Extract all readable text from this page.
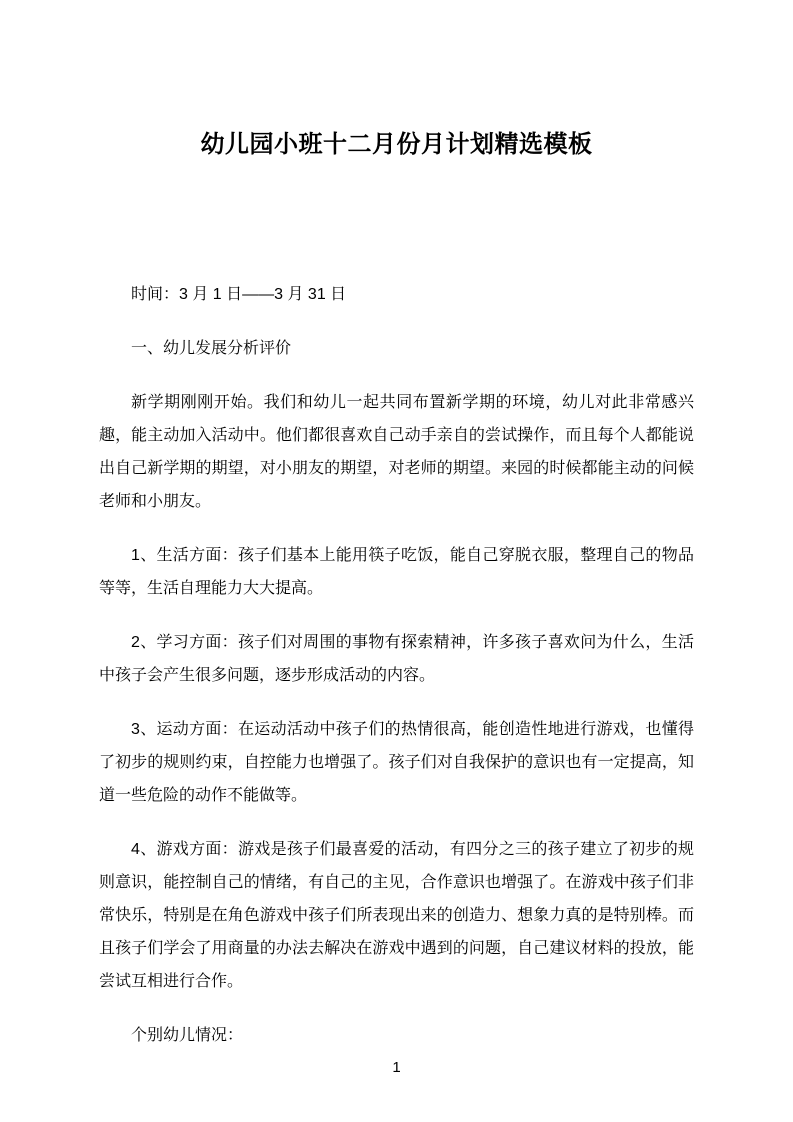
幼儿园小班十二月份月计划精选模板

时间：3 月 1 日——3 月 31 日

一、幼儿发展分析评价

新学期刚刚开始。我们和幼儿一起共同布置新学期的环境，幼儿对此非常感兴趣，能主动加入活动中。他们都很喜欢自己动手亲自的尝试操作，而且每个人都能说出自己新学期的期望，对小朋友的期望，对老师的期望。来园的时候都能主动的问候老师和小朋友。

1、生活方面：孩子们基本上能用筷子吃饭，能自己穿脱衣服，整理自己的物品等等，生活自理能力大大提高。

2、学习方面：孩子们对周围的事物有探索精神，许多孩子喜欢问为什么，生活中孩子会产生很多问题，逐步形成活动的内容。

3、运动方面：在运动活动中孩子们的热情很高，能创造性地进行游戏，也懂得了初步的规则约束，自控能力也增强了。孩子们对自我保护的意识也有一定提高，知道一些危险的动作不能做等。

4、游戏方面：游戏是孩子们最喜爱的活动，有四分之三的孩子建立了初步的规则意识，能控制自己的情绪，有自己的主见，合作意识也增强了。在游戏中孩子们非常快乐，特别是在角色游戏中孩子们所表现出来的创造力、想象力真的是特别棒。而且孩子们学会了用商量的办法去解决在游戏中遇到的问题，自己建议材料的投放，能尝试互相进行合作。

个别幼儿情况：

1
